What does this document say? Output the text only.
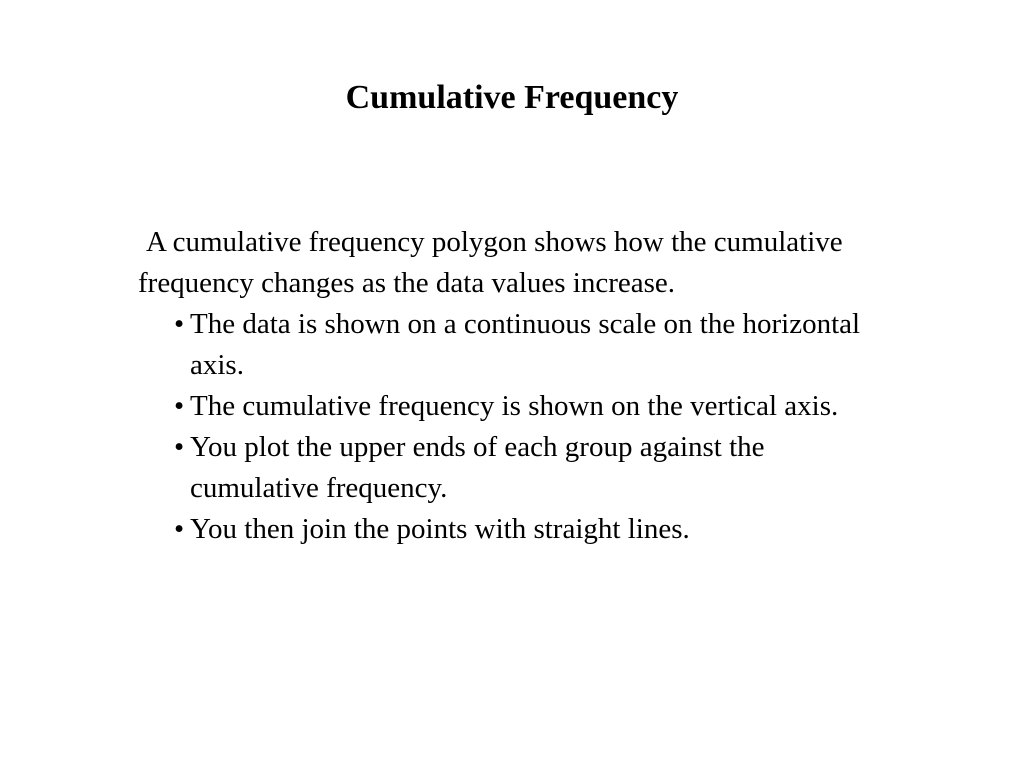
Cumulative Frequency

A cumulative frequency polygon shows how the cumulative frequency changes as the data values increase.

• The data is shown on a continuous scale on the horizontal axis.
• The cumulative frequency is shown on the vertical axis.
• You plot the upper ends of each group against the cumulative frequency.
• You then join the points with straight lines.
